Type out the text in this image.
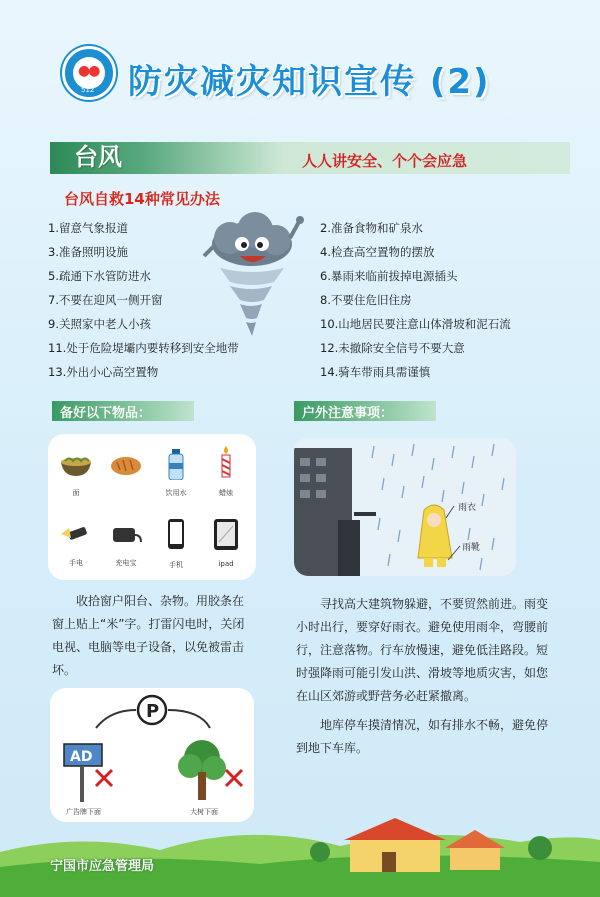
●●
512 防灾减灾知识宣传 (2)
台风	人人讲安全、个个会应急
台风自救14种常见办法
1.留意气象报道
3.准备照明设施
5.疏通下水管防进水
7.不要在迎风一侧开窗
9.关照家中老人小孩
11.处于危险堤壩内要转移到安全地带
13.外出小心高空置物
2.准备食物和矿泉水
4.检查高空置物的摆放
6.暴雨来临前拔掉电源插头
8.不要住危旧住房
10.山地居民要注意山体滑坡和泥石流
12.未撤除安全信号不要大意
14.骑车带雨具需谨慎
备好以下物品：	户外注意事项：
面	饮用水	蜡烛
手电	充电宝	手机	ipad
雨衣
雨靴

收拾窗户阳台、杂物。用胶条在窗上贴上“米”字。打雷闪电时，关闭电视、电脑等电子设备，以免被雷击坏。

P
AD
广告牌下面	大树下面

寻找高大建筑物躲避，不要贸然前进。雨变小时出行，要穿好雨衣。避免使用雨伞，弯腰前行，注意落物。行车放慢速，避免低洼路段。短时强降雨可能引发山洪、滑坡等地质灾害，如您在山区郊游或野营务必赶紧撤离。

地库停车摸清情况，如有排水不畅，避免停到地下车库。

宁国市应急管理局
